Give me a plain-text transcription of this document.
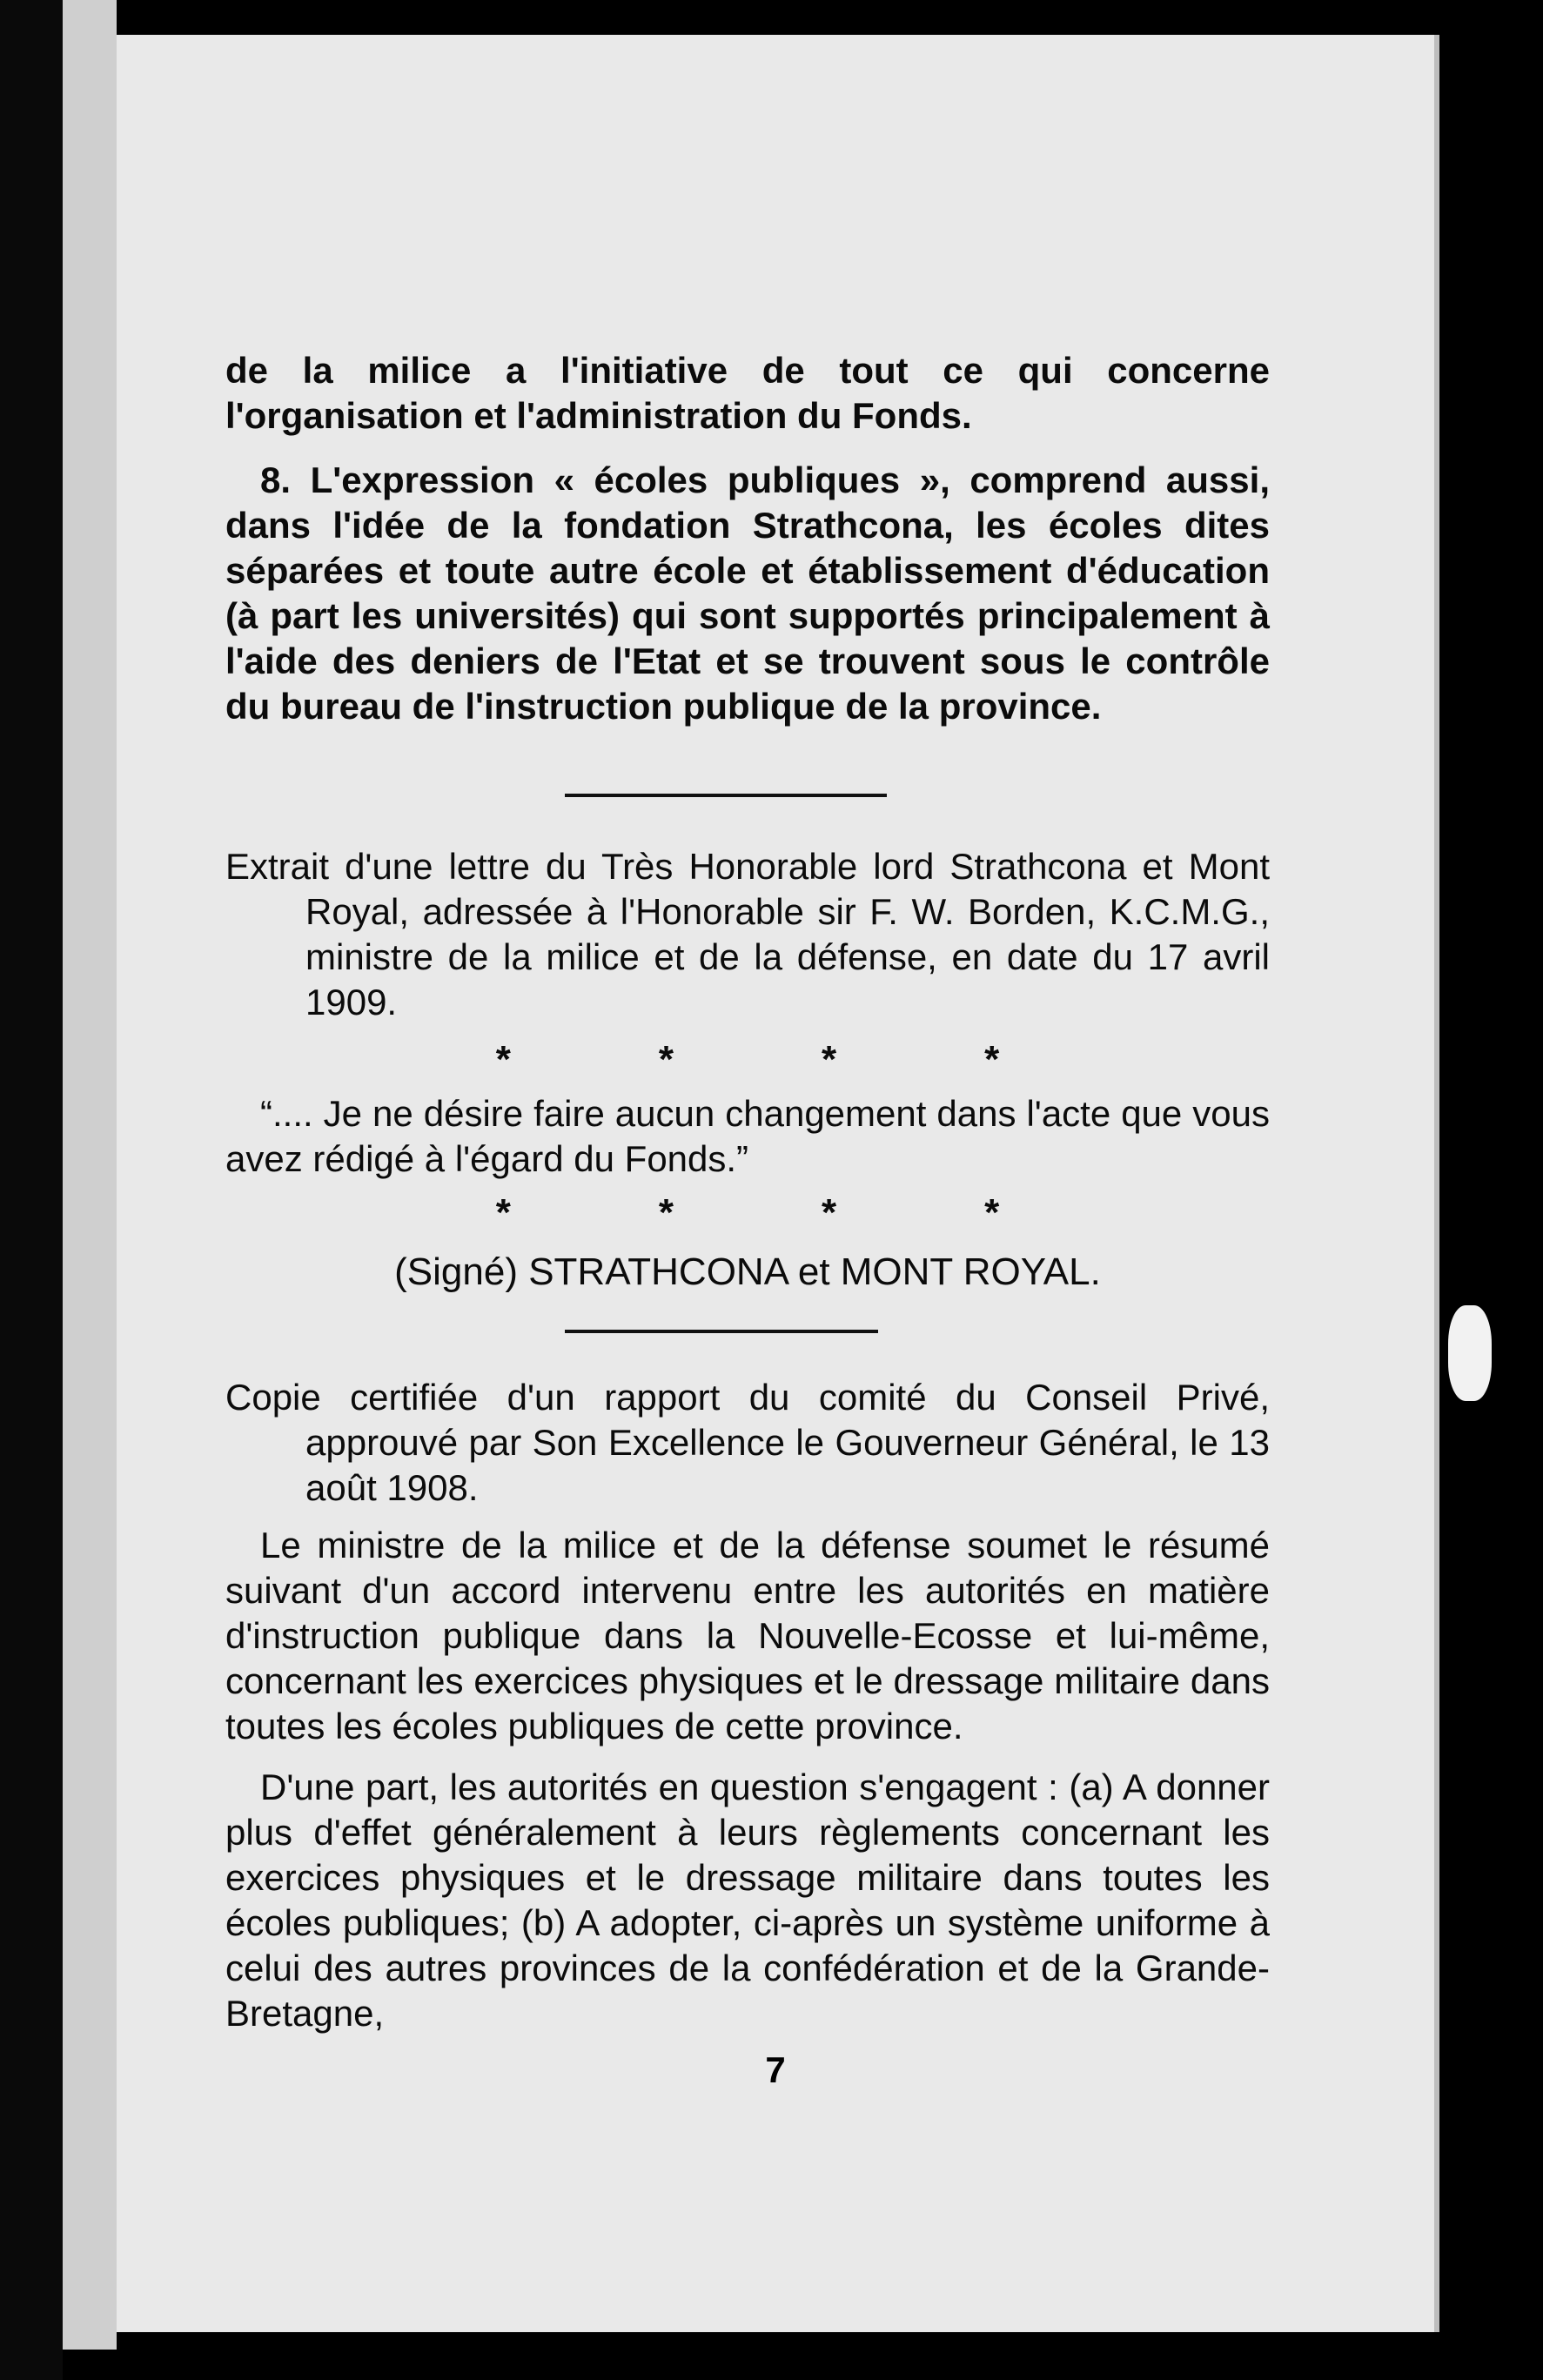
de la milice a l'initiative de tout ce qui concerne l'organisation et l'administration du Fonds.

8. L'expression « écoles publiques », comprend aussi, dans l'idée de la fondation Strathcona, les écoles dites séparées et toute autre école et établissement d'éducation (à part les universités) qui sont supportés principalement à l'aide des deniers de l'Etat et se trouvent sous le contrôle du bureau de l'instruction publique de la province.

Extrait d'une lettre du Très Honorable lord Strathcona et Mont Royal, adressée à l'Honorable sir F. W. Borden, K.C.M.G., ministre de la milice et de la défense, en date du 17 avril 1909.

*	*	*	*

“.... Je ne désire faire aucun changement dans l'acte que vous avez rédigé à l'égard du Fonds.”

*	*	*	*
(Signé) STRATHCONA et MONT ROYAL.

Copie certifiée d'un rapport du comité du Conseil Privé, approuvé par Son Excellence le Gouverneur Général, le 13 août 1908.

Le ministre de la milice et de la défense soumet le résumé suivant d'un accord intervenu entre les autorités en matière d'instruction publique dans la Nouvelle-Ecosse et lui-même, concernant les exercices physiques et le dressage militaire dans toutes les écoles publiques de cette province.

D'une part, les autorités en question s'engagent : (a) A donner plus d'effet généralement à leurs règlements concernant les exercices physiques et le dressage militaire dans toutes les écoles publiques; (b) A adopter, ci-après un système uniforme à celui des autres provinces de la confédération et de la Grande-Bretagne,

7
